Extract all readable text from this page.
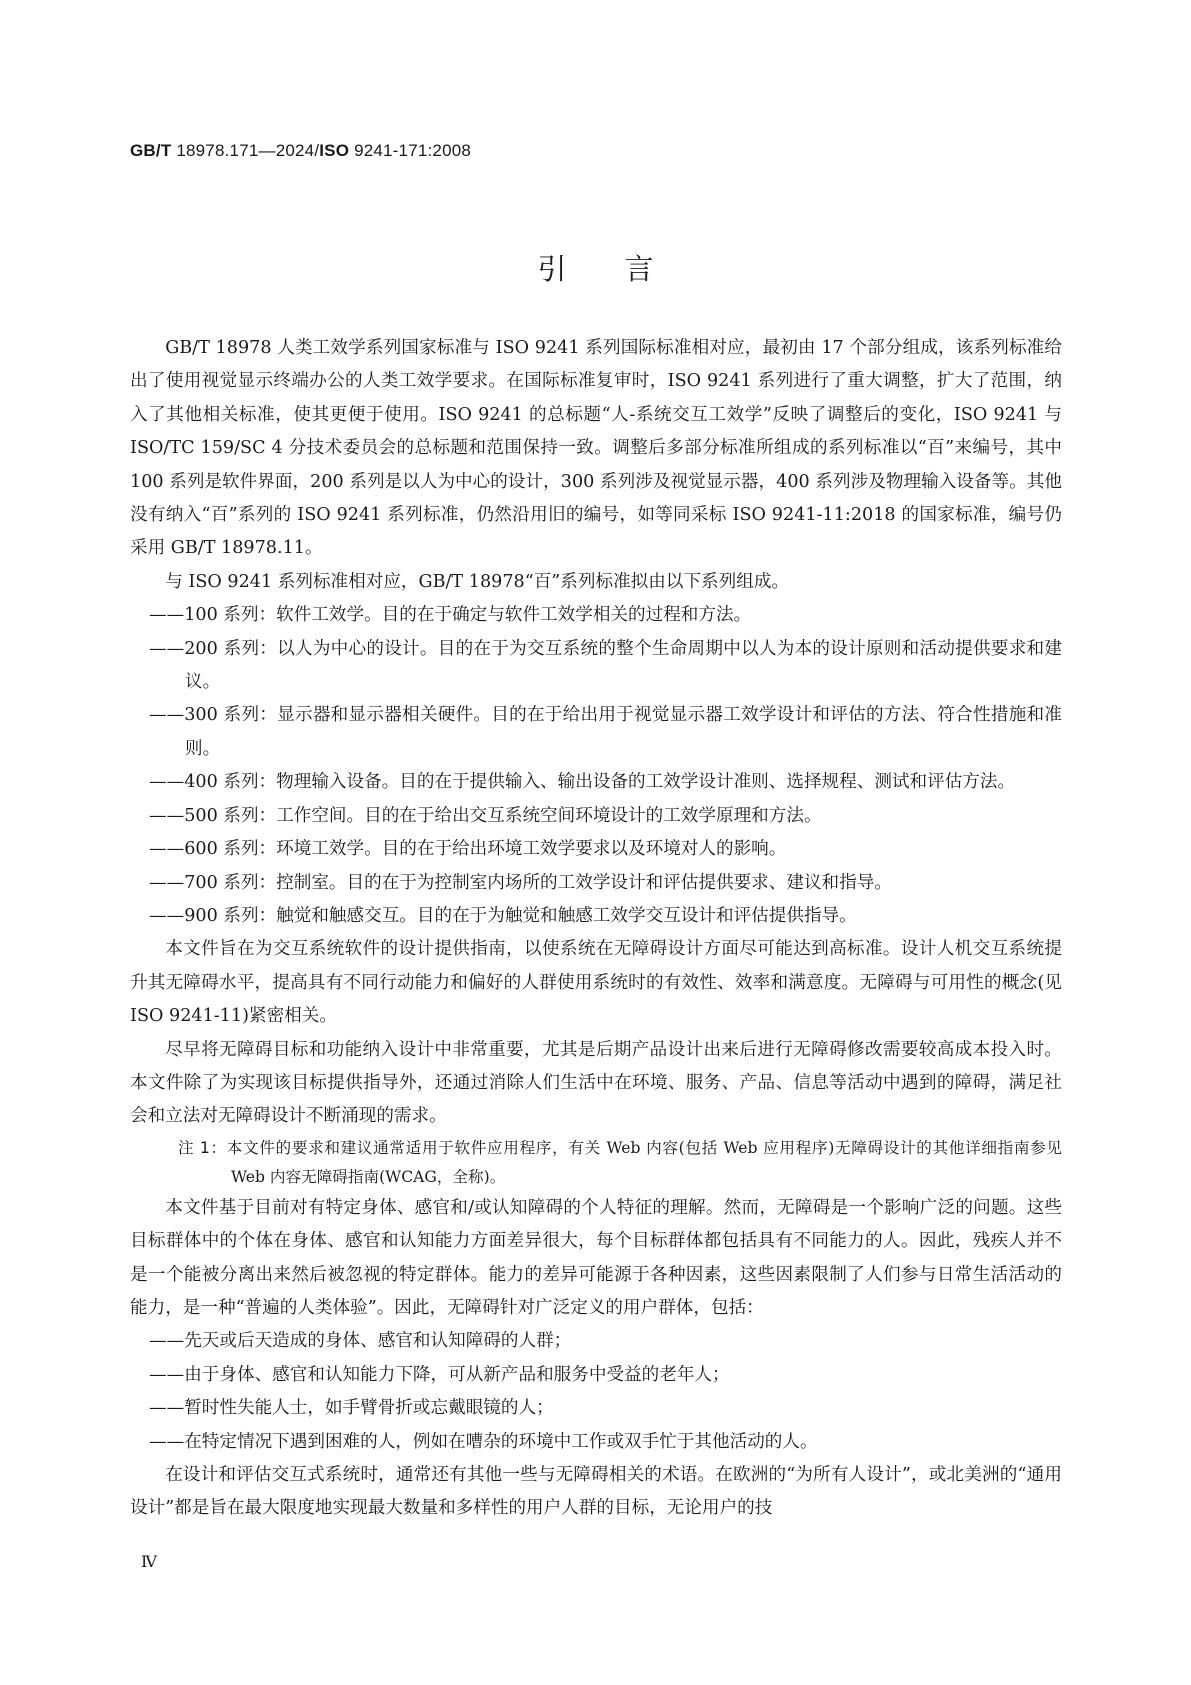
GB/T 18978.171—2024/ISO 9241-171:2008
引言

GB/T 18978 人类工效学系列国家标准与 ISO 9241 系列国际标准相对应，最初由 17 个部分组成，该系列标准给出了使用视觉显示终端办公的人类工效学要求。在国际标准复审时，ISO 9241 系列进行了重大调整，扩大了范围，纳入了其他相关标准，使其更便于使用。ISO 9241 的总标题“人-系统交互工效学”反映了调整后的变化，ISO 9241 与 ISO/TC 159/SC 4 分技术委员会的总标题和范围保持一致。调整后多部分标准所组成的系列标准以“百”来编号，其中 100 系列是软件界面，200 系列是以人为中心的设计，300 系列涉及视觉显示器，400 系列涉及物理输入设备等。其他没有纳入“百”系列的 ISO 9241 系列标准，仍然沿用旧的编号，如等同采标 ISO 9241-11:2018 的国家标准，编号仍采用 GB/T 18978.11。

与 ISO 9241 系列标准相对应，GB/T 18978“百”系列标准拟由以下系列组成。

——100 系列：软件工效学。目的在于确定与软件工效学相关的过程和方法。

——200 系列：以人为中心的设计。目的在于为交互系统的整个生命周期中以人为本的设计原则和活动提供要求和建议。

——300 系列：显示器和显示器相关硬件。目的在于给出用于视觉显示器工效学设计和评估的方法、符合性措施和准则。

——400 系列：物理输入设备。目的在于提供输入、输出设备的工效学设计准则、选择规程、测试和评估方法。

——500 系列：工作空间。目的在于给出交互系统空间环境设计的工效学原理和方法。

——600 系列：环境工效学。目的在于给出环境工效学要求以及环境对人的影响。

——700 系列：控制室。目的在于为控制室内场所的工效学设计和评估提供要求、建议和指导。

——900 系列：触觉和触感交互。目的在于为触觉和触感工效学交互设计和评估提供指导。

本文件旨在为交互系统软件的设计提供指南，以使系统在无障碍设计方面尽可能达到高标准。设计人机交互系统提升其无障碍水平，提高具有不同行动能力和偏好的人群使用系统时的有效性、效率和满意度。无障碍与可用性的概念(见 ISO 9241-11)紧密相关。

尽早将无障碍目标和功能纳入设计中非常重要，尤其是后期产品设计出来后进行无障碍修改需要较高成本投入时。本文件除了为实现该目标提供指导外，还通过消除人们生活中在环境、服务、产品、信息等活动中遇到的障碍，满足社会和立法对无障碍设计不断涌现的需求。

注 1：本文件的要求和建议通常适用于软件应用程序，有关 Web 内容(包括 Web 应用程序)无障碍设计的其他详细指南参见 Web 内容无障碍指南(WCAG，全称)。

本文件基于目前对有特定身体、感官和/或认知障碍的个人特征的理解。然而，无障碍是一个影响广泛的问题。这些目标群体中的个体在身体、感官和认知能力方面差异很大，每个目标群体都包括具有不同能力的人。因此，残疾人并不是一个能被分离出来然后被忽视的特定群体。能力的差异可能源于各种因素，这些因素限制了人们参与日常生活活动的能力，是一种“普遍的人类体验”。因此，无障碍针对广泛定义的用户群体，包括：

——先天或后天造成的身体、感官和认知障碍的人群；

——由于身体、感官和认知能力下降，可从新产品和服务中受益的老年人；

——暂时性失能人士，如手臂骨折或忘戴眼镜的人；

——在特定情况下遇到困难的人，例如在嘈杂的环境中工作或双手忙于其他活动的人。

在设计和评估交互式系统时，通常还有其他一些与无障碍相关的术语。在欧洲的“为所有人设计”，或北美洲的“通用设计”都是旨在最大限度地实现最大数量和多样性的用户人群的目标，无论用户的技

Ⅳ
